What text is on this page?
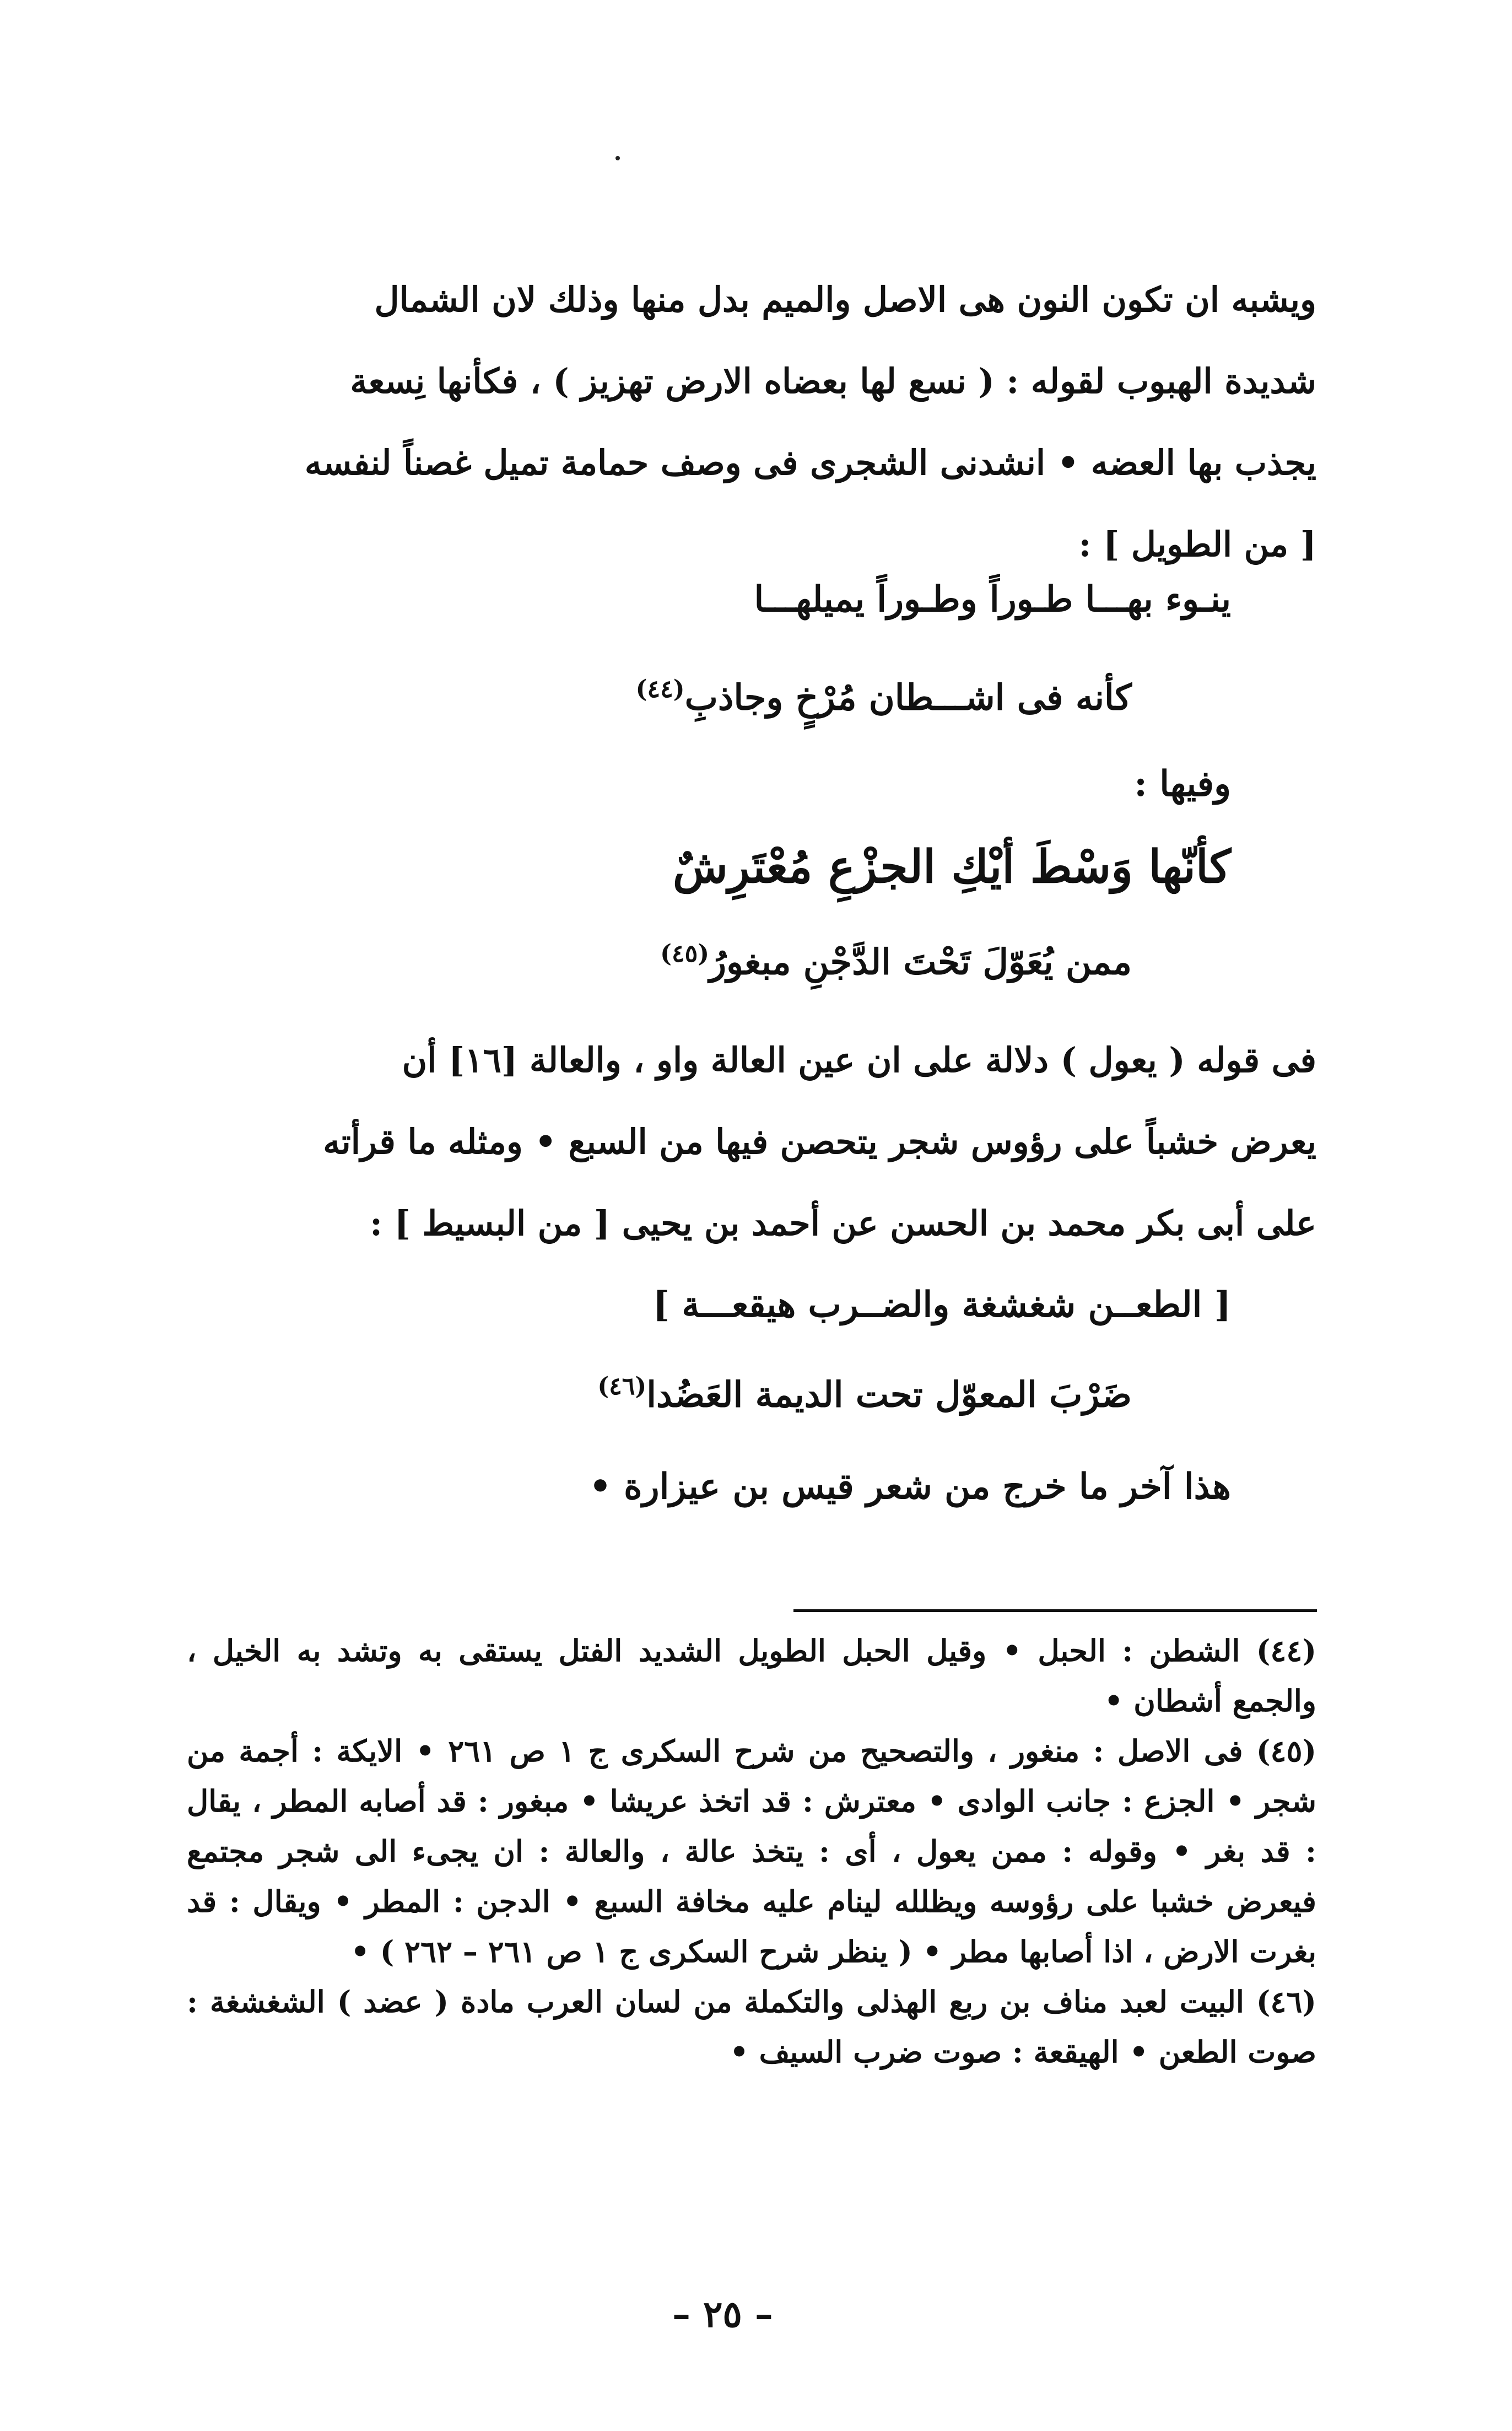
ويشبه ان تكون النون هى الاصل والميم بدل منها وذلك لان الشمال

شديدة الهبوب لقوله : ( نسع لها بعضاه الارض تهزيز ) ، فكأنها نِسعة

يجذب بها العضه • انشدنى الشجرى فى وصف حمامة تميل غصناً لنفسه

[ من الطويل ] :

ينـوء بهـــا طـوراً وطـوراً يميلهـــا
كأنه فى اشـــطان مُرْخٍ وجاذبِ$^{(٤٤)}$
وفيها :
كأنّها وَسْطَ أيْكِ الجزْعِ مُعْتَرِشٌ
ممن يُعَوّلَ تَحْتَ الدَّجْنِ مبغورُ$^{(٤٥)}$

فى قوله ( يعول ) دلالة على ان عين العالة واو ، والعالة [١٦] أن

يعرض خشباً على رؤوس شجر يتحصن فيها من السبع • ومثله ما قرأته

على أبى بكر محمد بن الحسن عن أحمد بن يحيى [ من البسيط ] :

[ الطعــن شغشغة والضــرب هيقعـــة ]
ضَرْبَ المعوّل تحت الديمة العَضُدا$^{(٤٦)}$
هذا آخر ما خرج من شعر قيس بن عيزارة •

(٤٤) الشطن : الحبل • وقيل الحبل الطويل الشديد الفتل يستقى به وتشد به الخيل ، والجمع أشطان •

(٤٥) فى الاصل : منغور ، والتصحيح من شرح السكرى ج ١ ص ٢٦١ • الايكة : أجمة من شجر • الجزع : جانب الوادى • معترش : قد اتخذ عريشا • مبغور : قد أصابه المطر ، يقال : قد بغر • وقوله : ممن يعول ، أى : يتخذ عالة ، والعالة : ان يجىء الى شجر مجتمع فيعرض خشبا على رؤوسه ويظلله لينام عليه مخافة السبع • الدجن : المطر • ويقال : قد بغرت الارض ، اذا أصابها مطر • ( ينظر شرح السكرى ج ١ ص ٢٦١ – ٢٦٢ ) •

(٤٦) البيت لعبد مناف بن ربع الهذلى والتكملة من لسان العرب مادة ( عضد ) الشغشغة : صوت الطعن • الهيقعة : صوت ضرب السيف •

– ٢٥ –
